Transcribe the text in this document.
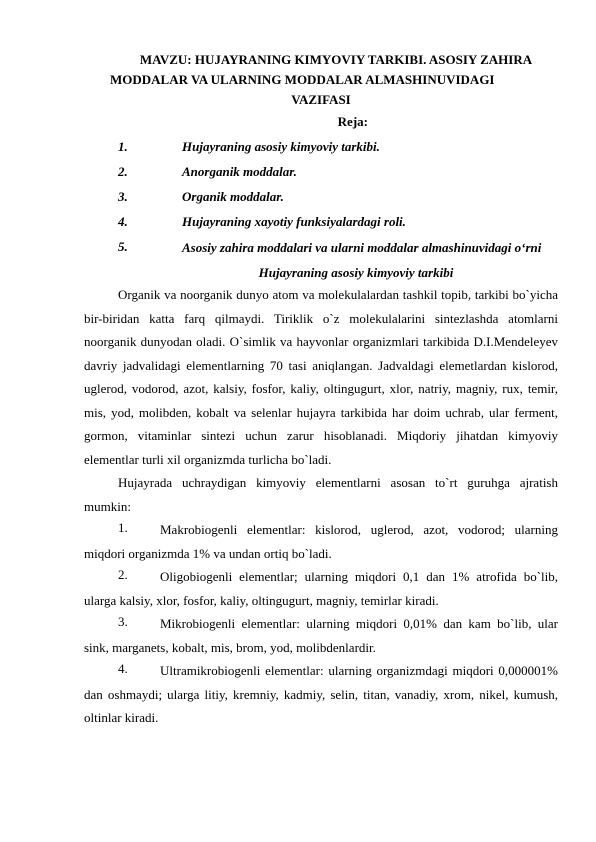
MAVZU: HUJAYRANING KIMYOVIY TARKIBI. ASOSIY ZAHIRA
MODDALAR VA ULARNING MODDALAR ALMASHINUVIDAGI
VAZIFASI
Reja:
1.	Hujayraning asosiy kimyoviy tarkibi.
2.	Anorganik moddalar.
3.	Organik moddalar.
4.	Hujayraning xayotiy funksiyalardagi roli.
5.	Asosiy zahira moddalari va ularni moddalar almashinuvidagi o‘rni
Hujayraning asosiy kimyoviy tarkibi

Organik va noorganik dunyo atom va molekulalardan tashkil topib, tarkibi bo`yicha bir-biridan katta farq qilmaydi. Tiriklik o`z molekulalarini sintezlashda atomlarni noorganik dunyodan oladi. O`simlik va hayvonlar organizmlari tarkibida D.I.Mendeleyev davriy jadvalidagi elementlarning 70 tasi aniqlangan. Jadvaldagi elemetlardan kislorod, uglerod, vodorod, azot, kalsiy, fosfor, kaliy, oltingugurt, xlor, natriy, magniy, rux, temir, mis, yod, molibden, kobalt va selenlar hujayra tarkibida har doim uchrab, ular ferment, gormon, vitaminlar sintezi uchun zarur hisoblanadi. Miqdoriy jihatdan kimyoviy elementlar turli xil organizmda turlicha bo`ladi.

Hujayrada uchraydigan kimyoviy elementlarni asosan to`rt guruhga ajratish mumkin:

1.	Makrobiogenli elementlar: kislorod, uglerod, azot, vodorod; ularning miqdori organizmda 1% va undan ortiq bo`ladi.
2.	Oligobiogenli elementlar; ularning miqdori 0,1 dan 1% atrofida bo`lib, ularga kalsiy, xlor, fosfor, kaliy, oltingugurt, magniy, temirlar kiradi.
3.	Mikrobiogenli elementlar: ularning miqdori 0,01% dan kam bo`lib, ular sink, marganets, kobalt, mis, brom, yod, molibdenlardir.
4.	Ultramikrobiogenli elementlar: ularning organizmdagi miqdori 0,000001% dan oshmaydi; ularga litiy, kremniy, kadmiy, selin, titan, vanadiy, xrom, nikel, kumush, oltinlar kiradi.
